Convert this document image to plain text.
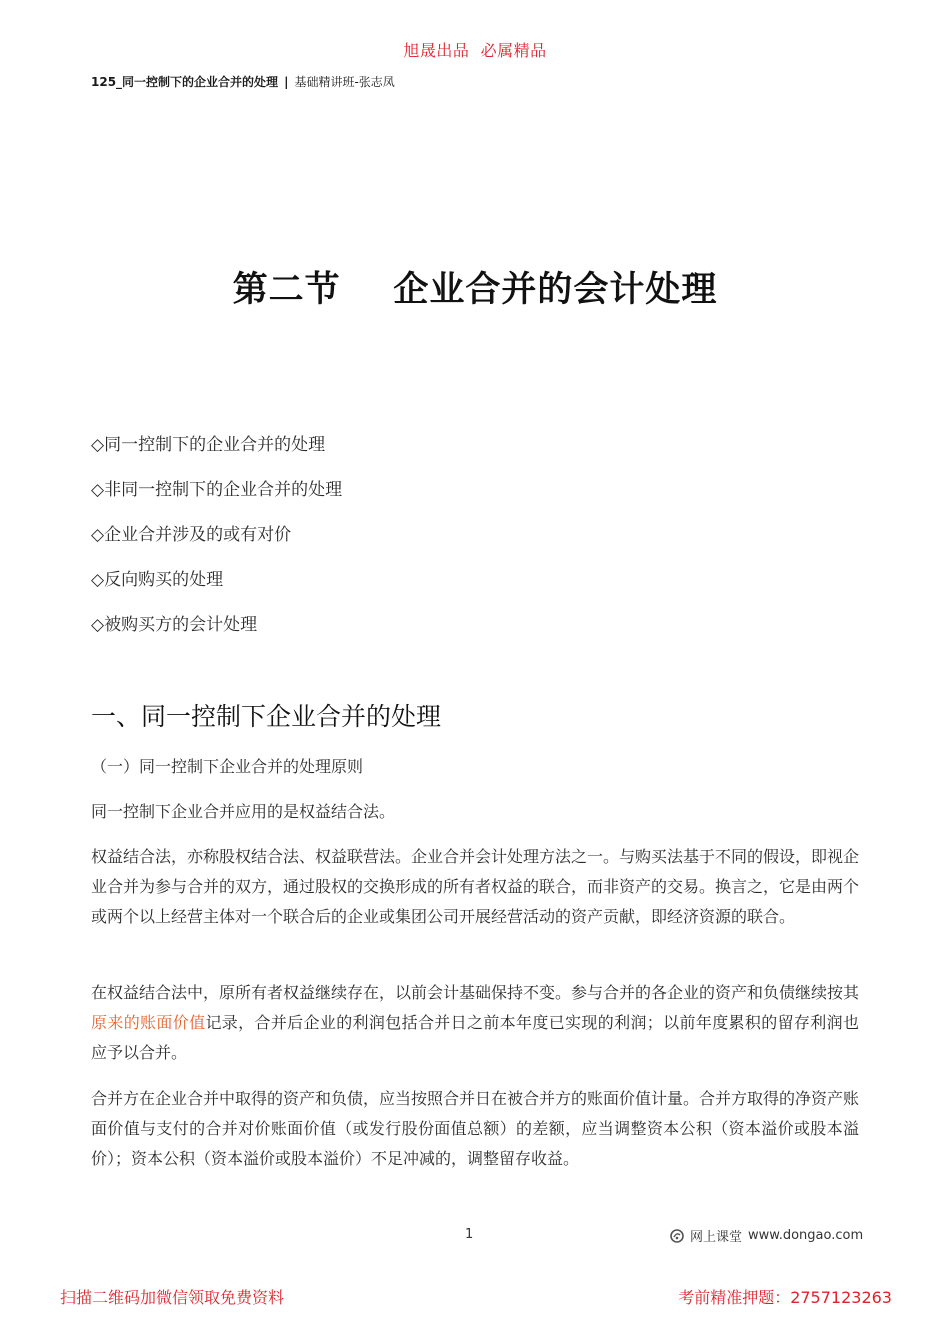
旭晟出品  必属精品
125_同一控制下的企业合并的处理 | 基础精讲班-张志凤
第二节    企业合并的会计处理
◇同一控制下的企业合并的处理
◇非同一控制下的企业合并的处理
◇企业合并涉及的或有对价
◇反向购买的处理
◇被购买方的会计处理
一、同一控制下企业合并的处理
（一）同一控制下企业合并的处理原则

同一控制下企业合并应用的是权益结合法。

权益结合法，亦称股权结合法、权益联营法。企业合并会计处理方法之一。与购买法基于不同的假设，即视企业合并为参与合并的双方，通过股权的交换形成的所有者权益的联合，而非资产的交易。换言之，它是由两个或两个以上经营主体对一个联合后的企业或集团公司开展经营活动的资产贡献，即经济资源的联合。

在权益结合法中，原所有者权益继续存在，以前会计基础保持不变。参与合并的各企业的资产和负债继续按其原来的账面价值记录，合并后企业的利润包括合并日之前本年度已实现的利润；以前年度累积的留存利润也应予以合并。

合并方在企业合并中取得的资产和负债，应当按照合并日在被合并方的账面价值计量。合并方取得的净资产账面价值与支付的合并对价账面价值（或发行股份面值总额）的差额，应当调整资本公积（资本溢价或股本溢价）；资本公积（资本溢价或股本溢价）不足冲减的，调整留存收益。

1	网上课堂 www.dongao.com
扫描二维码加微信领取免费资料	考前精准押题：2757123263
